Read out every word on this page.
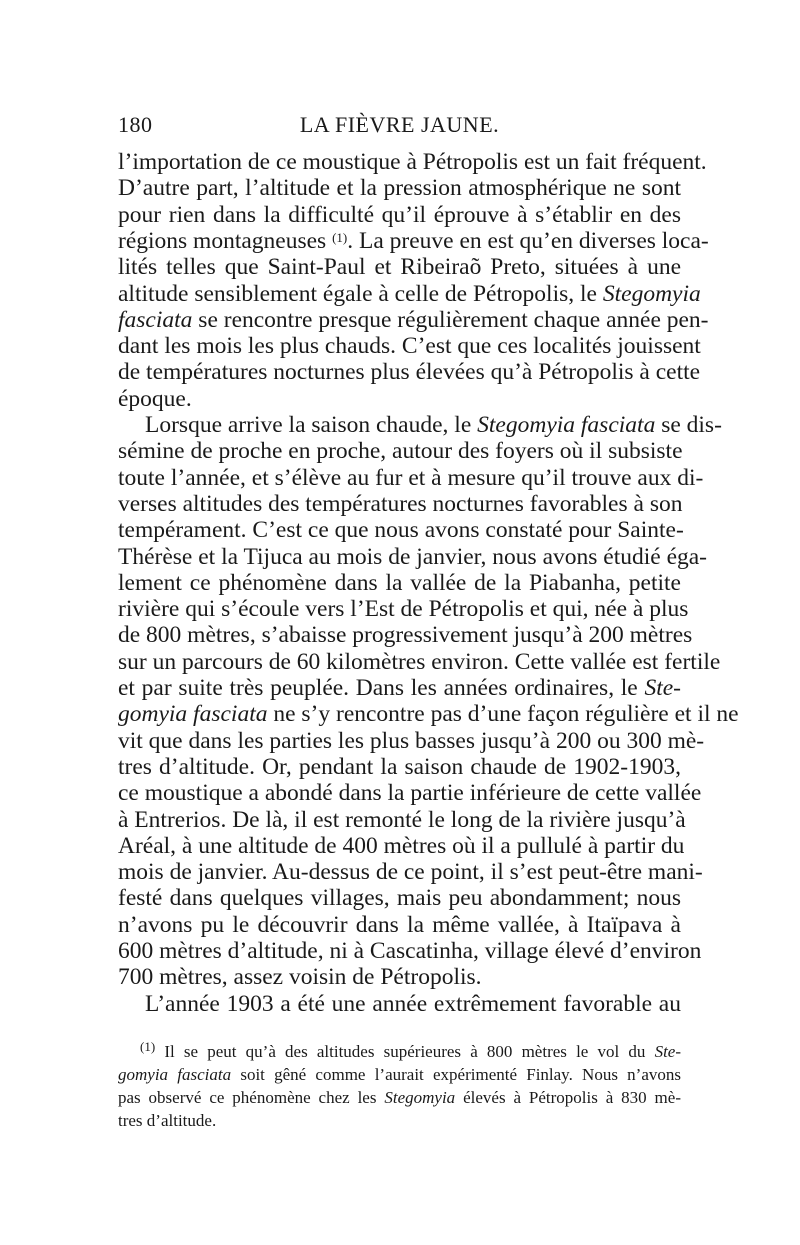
180	LA FIÈVRE JAUNE.
l’importation de ce moustique à Pétropolis est un fait fréquent.
D’autre part, l’altitude et la pression atmosphérique ne sont
pour rien dans la difficulté qu’il éprouve à s’établir en des
régions montagneuses $^{(1)}$. La preuve en est qu’en diverses loca-
lités telles que Saint-Paul et Ribeiraõ Preto, situées à une
altitude sensiblement égale à celle de Pétropolis, le Stegomyia
fasciata se rencontre presque régulièrement chaque année pen-
dant les mois les plus chauds. C’est que ces localités jouissent
de températures nocturnes plus élevées qu’à Pétropolis à cette
époque.
Lorsque arrive la saison chaude, le Stegomyia fasciata se dis-
sémine de proche en proche, autour des foyers où il subsiste
toute l’année, et s’élève au fur et à mesure qu’il trouve aux di-
verses altitudes des températures nocturnes favorables à son
tempérament. C’est ce que nous avons constaté pour Sainte-
Thérèse et la Tijuca au mois de janvier, nous avons étudié éga-
lement ce phénomène dans la vallée de la Piabanha, petite
rivière qui s’écoule vers l’Est de Pétropolis et qui, née à plus
de 800 mètres, s’abaisse progressivement jusqu’à 200 mètres
sur un parcours de 60 kilomètres environ. Cette vallée est fertile
et par suite très peuplée. Dans les années ordinaires, le Ste-
gomyia fasciata ne s’y rencontre pas d’une façon régulière et il ne
vit que dans les parties les plus basses jusqu’à 200 ou 300 mè-
tres d’altitude. Or, pendant la saison chaude de 1902-1903,
ce moustique a abondé dans la partie inférieure de cette vallée
à Entrerios. De là, il est remonté le long de la rivière jusqu’à
Aréal, à une altitude de 400 mètres où il a pullulé à partir du
mois de janvier. Au-dessus de ce point, il s’est peut-être mani-
festé dans quelques villages, mais peu abondamment; nous
n’avons pu le découvrir dans la même vallée, à Itaïpava à
600 mètres d’altitude, ni à Cascatinha, village élevé d’environ
700 mètres, assez voisin de Pétropolis.
L’année 1903 a été une année extrêmement favorable au
$^{(1)}$ Il se peut qu’à des altitudes supérieures à 800 mètres le vol du Ste-
gomyia fasciata soit gêné comme l’aurait expérimenté Finlay. Nous n’avons
pas observé ce phénomène chez les Stegomyia élevés à Pétropolis à 830 mè-
tres d’altitude.
